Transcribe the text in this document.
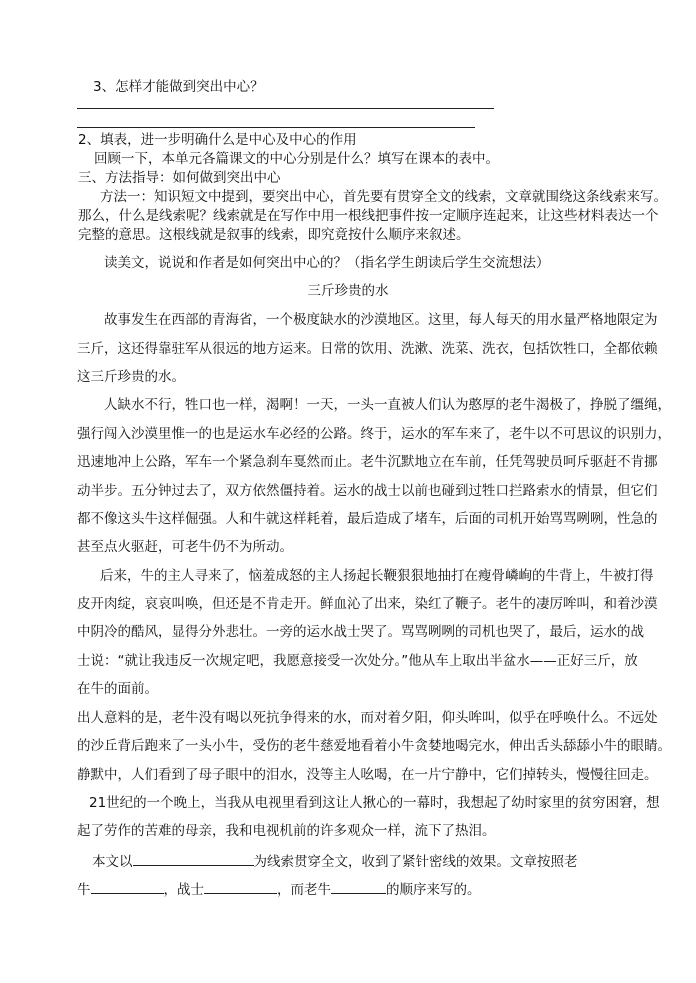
3、怎样才能做到突出中心？
2、填表，进一步明确什么是中心及中心的作用
回顾一下，本单元各篇课文的中心分别是什么？填写在课本的表中。
三、方法指导：如何做到突出中心
方法一：知识短文中提到，要突出中心，首先要有贯穿全文的线索，文章就围绕这条线索来写。
那么，什么是线索呢？线索就是在写作中用一根线把事件按一定顺序连起来，让这些材料表达一个
完整的意思。这根线就是叙事的线索，即究竟按什么顺序来叙述。
读美文，说说和作者是如何突出中心的？（指名学生朗读后学生交流想法）
三斤珍贵的水
故事发生在西部的青海省，一个极度缺水的沙漠地区。这里，每人每天的用水量严格地限定为
三斤，这还得靠驻军从很远的地方运来。日常的饮用、洗漱、洗菜、洗衣，包括饮牲口，全都依赖
这三斤珍贵的水。
人缺水不行，牲口也一样，渴啊！一天，一头一直被人们认为憨厚的老牛渴极了，挣脱了缰绳，
强行闯入沙漠里惟一的也是运水车必经的公路。终于，运水的军车来了，老牛以不可思议的识别力，
迅速地冲上公路，军车一个紧急刹车戛然而止。老牛沉默地立在车前，任凭驾驶员呵斥驱赶不肯挪
动半步。五分钟过去了，双方依然僵持着。运水的战士以前也碰到过牲口拦路索水的情景，但它们
都不像这头牛这样倔强。人和牛就这样耗着，最后造成了堵车，后面的司机开始骂骂咧咧，性急的
甚至点火驱赶，可老牛仍不为所动。
后来，牛的主人寻来了，恼羞成怒的主人扬起长鞭狠狠地抽打在瘦骨嶙峋的牛背上，牛被打得
皮开肉绽，哀哀叫唤，但还是不肯走开。鲜血沁了出来，染红了鞭子。老牛的凄厉哞叫，和着沙漠
中阴冷的酷风，显得分外悲壮。一旁的运水战士哭了。骂骂咧咧的司机也哭了，最后，运水的战
士说：“就让我违反一次规定吧，我愿意接受一次处分。”他从车上取出半盆水——正好三斤，放
在牛的面前。
出人意料的是，老牛没有喝以死抗争得来的水，而对着夕阳，仰头哞叫，似乎在呼唤什么。不远处
的沙丘背后跑来了一头小牛，受伤的老牛慈爱地看着小牛贪婪地喝完水，伸出舌头舔舔小牛的眼睛。
静默中，人们看到了母子眼中的泪水，没等主人吆喝，在一片宁静中，它们掉转头，慢慢往回走。
21世纪的一个晚上，当我从电视里看到这让人揪心的一幕时，我想起了幼时家里的贫穷困窘，想
起了劳作的苦难的母亲，我和电视机前的许多观众一样，流下了热泪。
本文以	为线索贯穿全文，收到了紧针密线的效果。文章按照老
牛	，战士	，而老牛	的顺序来写的。
